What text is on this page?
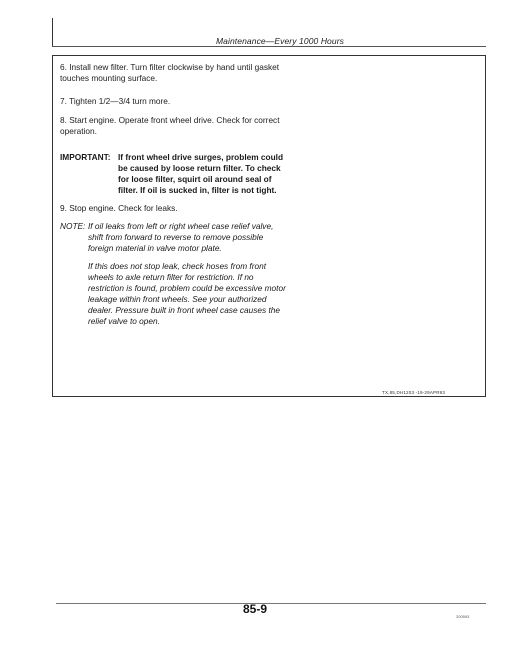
Maintenance—Every 1000 Hours
6. Install new filter. Turn filter clockwise by hand until gasket touches mounting surface.
7. Tighten 1/2—3/4 turn more.
8. Start engine. Operate front wheel drive. Check for correct operation.
IMPORTANT: If front wheel drive surges, problem could be caused by loose return filter. To check for loose filter, squirt oil around seal of filter. If oil is sucked in, filter is not tight.
9. Stop engine. Check for leaks.
NOTE: If oil leaks from left or right wheel case relief valve, shift from forward to reverse to remove possible foreign material in valve motor plate.
If this does not stop leak, check hoses from front wheels to axle return filter for restriction. If no restriction is found, problem could be excessive motor leakage within front wheels. See your authorized dealer. Pressure built in front wheel case causes the relief valve to open.
TX,85,DH1203 -19-29APR93
85-9
200593
